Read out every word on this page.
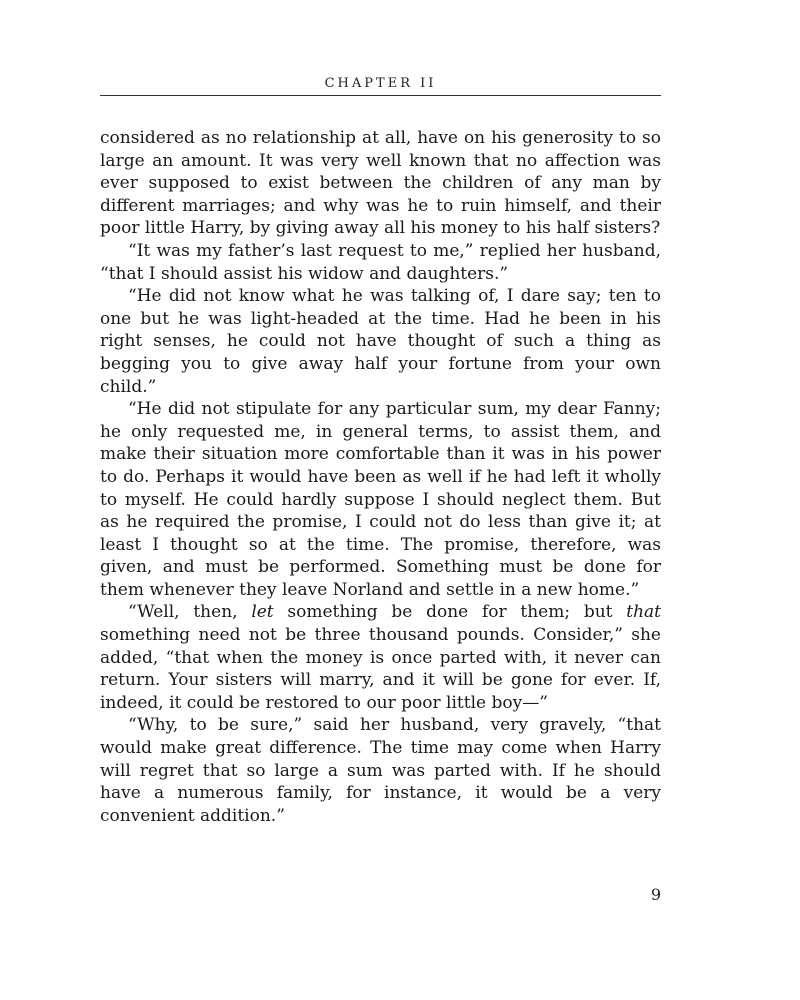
CHAPTER II

considered as no relationship at all, have on his generosity to so large an amount. It was very well known that no affection was ever supposed to exist between the children of any man by different marriages; and why was he to ruin himself, and their poor little Harry, by giving away all his money to his half sisters?

“It was my father’s last request to me,” replied her husband, “that I should assist his widow and daughters.”

“He did not know what he was talking of, I dare say; ten to one but he was light-headed at the time. Had he been in his right senses, he could not have thought of such a thing as begging you to give away half your fortune from your own child.”

“He did not stipulate for any particular sum, my dear Fanny; he only requested me, in general terms, to assist them, and make their situation more comfortable than it was in his power to do. Perhaps it would have been as well if he had left it wholly to myself. He could hardly suppose I should neglect them. But as he required the promise, I could not do less than give it; at least I thought so at the time. The promise, therefore, was given, and must be performed. Something must be done for them whenever they leave Norland and settle in a new home.”

“Well, then, let something be done for them; but that something need not be three thousand pounds. Consider,” she added, “that when the money is once parted with, it never can return. Your sisters will marry, and it will be gone for ever. If, indeed, it could be restored to our poor little boy—”

“Why, to be sure,” said her husband, very gravely, “that would make great difference. The time may come when Harry will regret that so large a sum was parted with. If he should have a numerous family, for instance, it would be a very convenient addition.”

9
